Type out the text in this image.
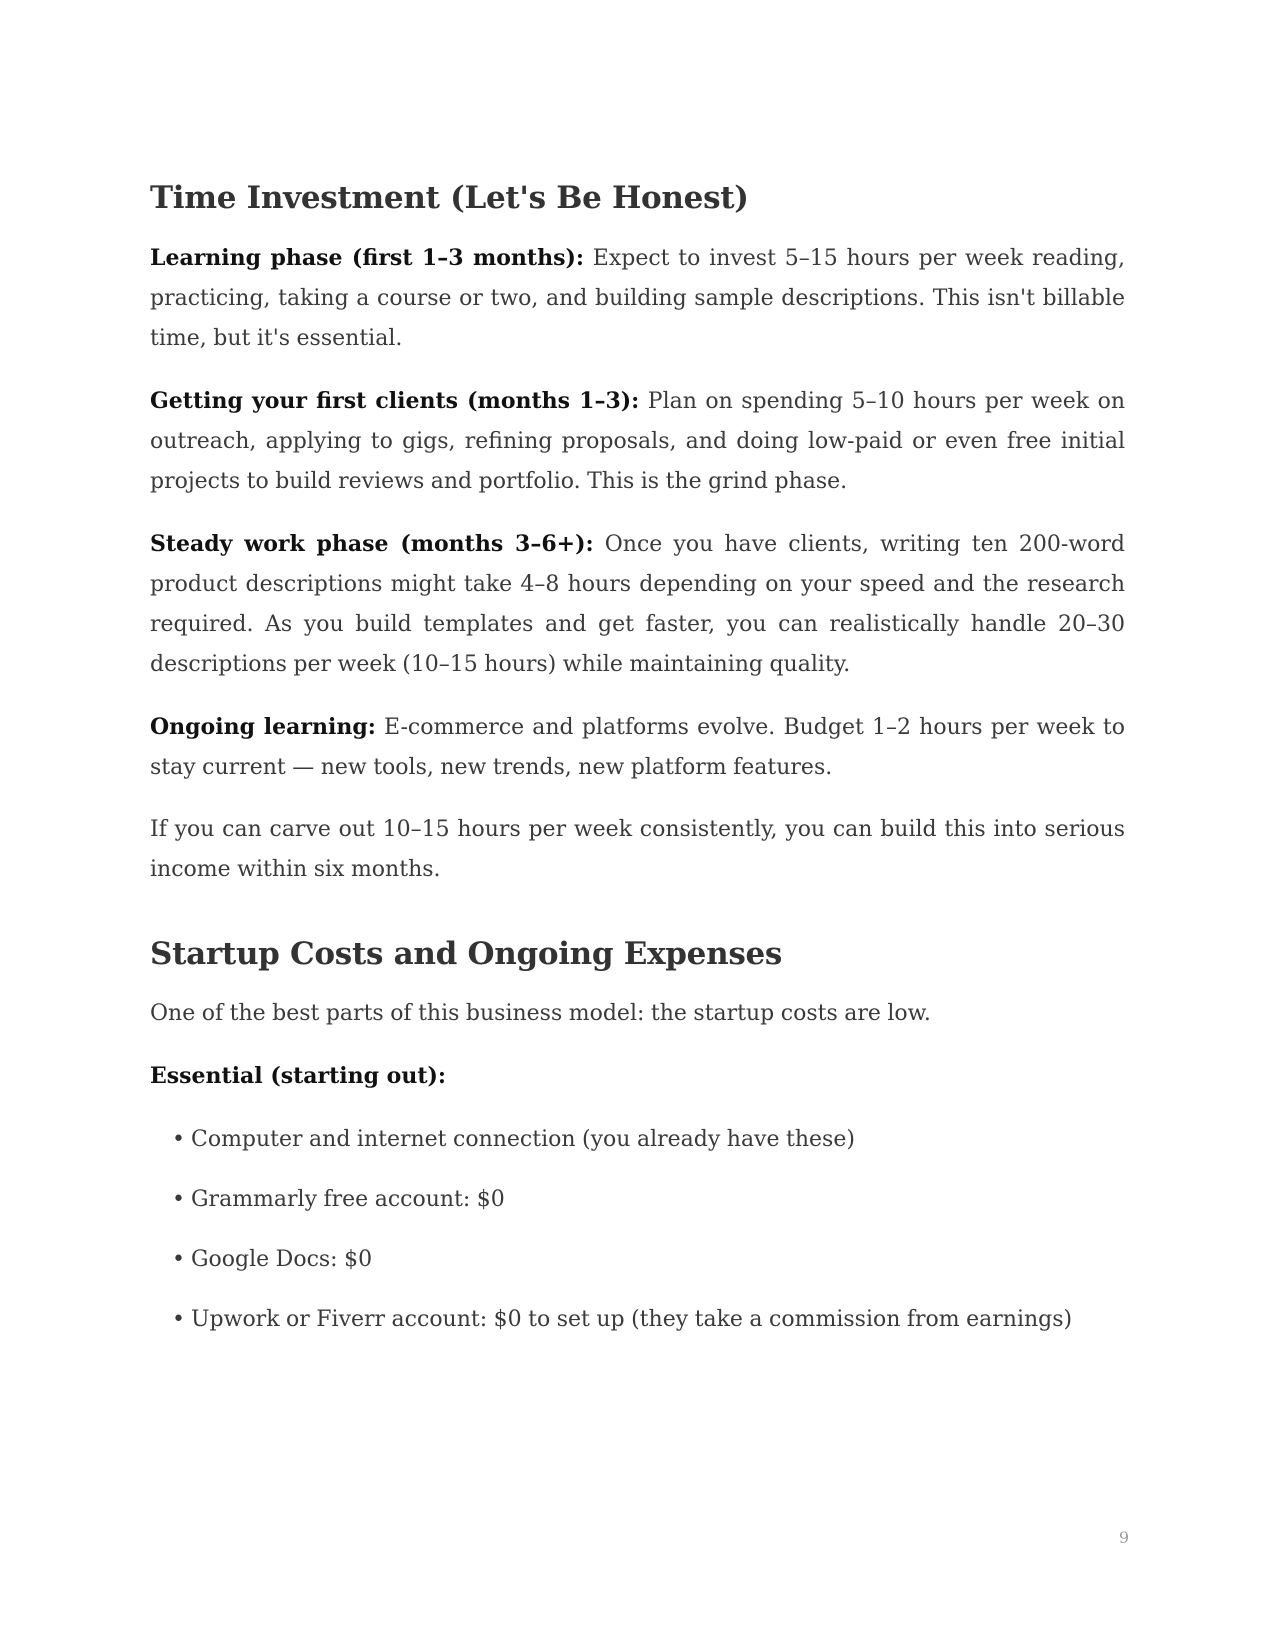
Time Investment (Let's Be Honest)

Learning phase (first 1–3 months): Expect to invest 5–15 hours per week reading, practicing, taking a course or two, and building sample descriptions. This isn't billable time, but it's essential.

Getting your first clients (months 1–3): Plan on spending 5–10 hours per week on outreach, applying to gigs, refining proposals, and doing low-paid or even free initial projects to build reviews and portfolio. This is the grind phase.

Steady work phase (months 3–6+): Once you have clients, writing ten 200-word product descriptions might take 4–8 hours depending on your speed and the research required. As you build templates and get faster, you can realistically handle 20–30 descriptions per week (10–15 hours) while maintaining quality.

Ongoing learning: E-commerce and platforms evolve. Budget 1–2 hours per week to stay current — new tools, new trends, new platform features.

If you can carve out 10–15 hours per week consistently, you can build this into serious income within six months.

Startup Costs and Ongoing Expenses

One of the best parts of this business model: the startup costs are low.

Essential (starting out):
• Computer and internet connection (you already have these)
• Grammarly free account: $0
• Google Docs: $0
• Upwork or Fiverr account: $0 to set up (they take a commission from earnings)
9
